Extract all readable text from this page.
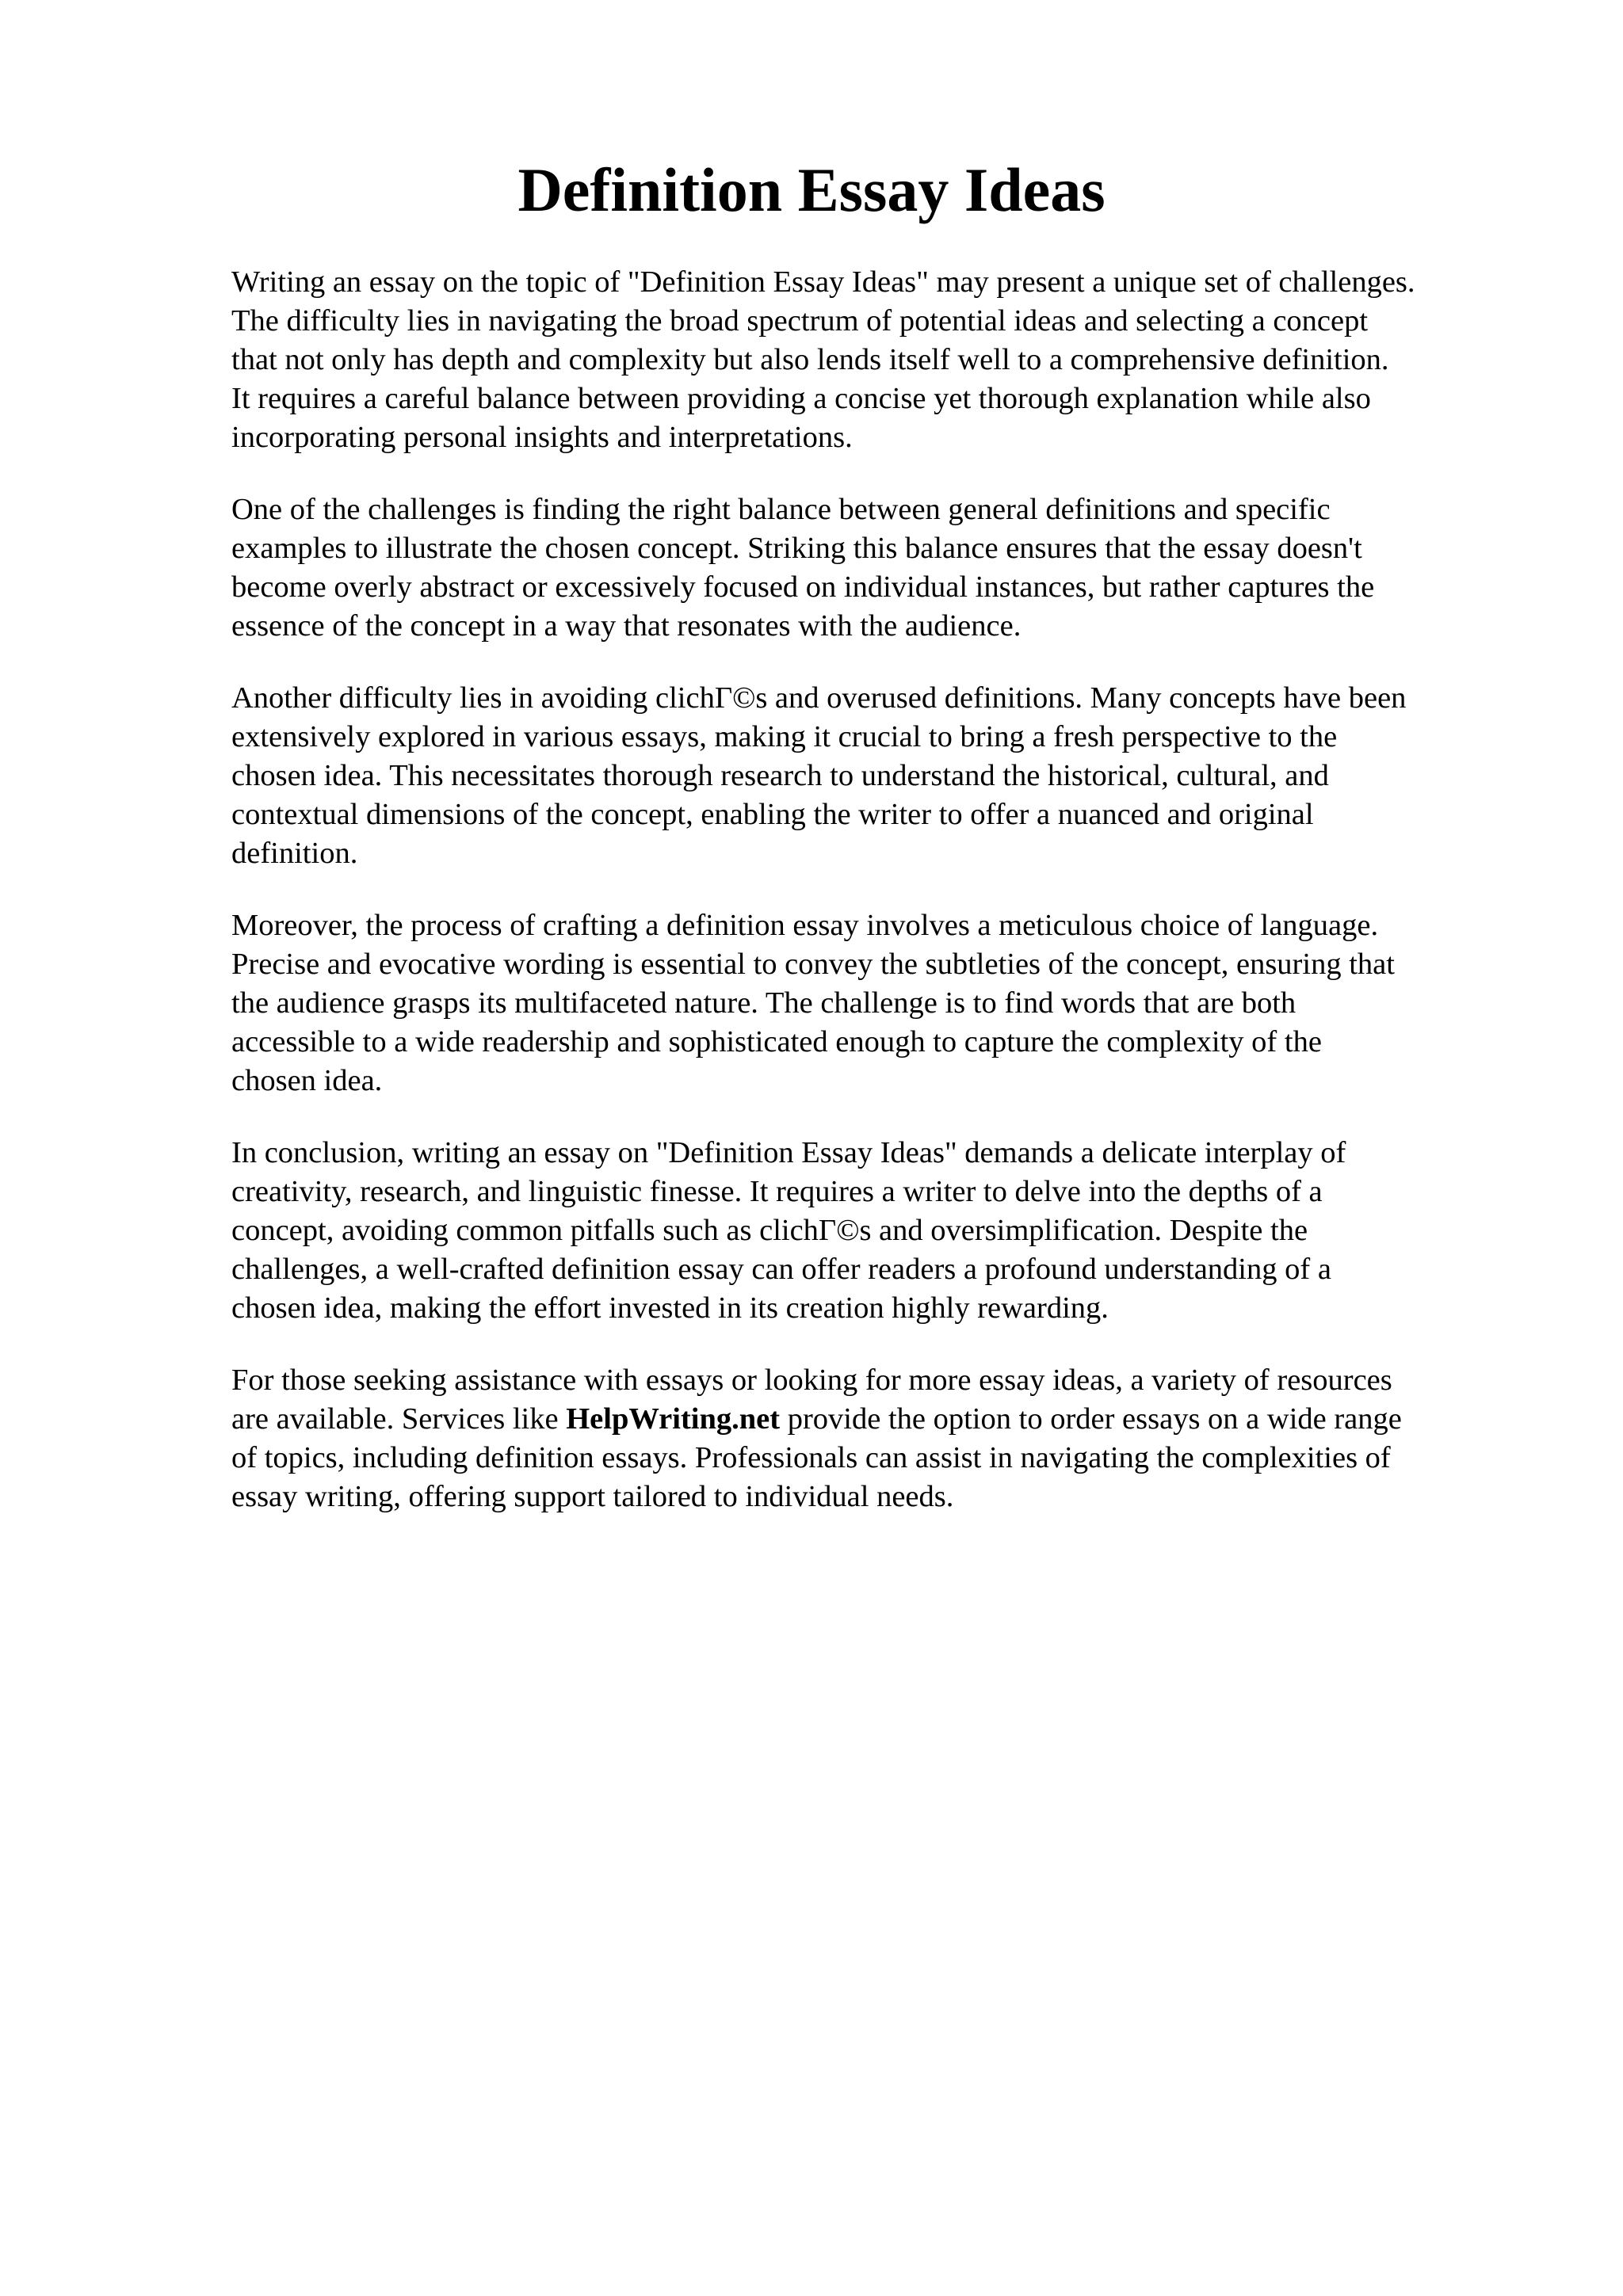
Definition Essay Ideas

Writing an essay on the topic of "Definition Essay Ideas" may present a unique set of challenges.
The difficulty lies in navigating the broad spectrum of potential ideas and selecting a concept
that not only has depth and complexity but also lends itself well to a comprehensive definition.
It requires a careful balance between providing a concise yet thorough explanation while also
incorporating personal insights and interpretations.

One of the challenges is finding the right balance between general definitions and specific
examples to illustrate the chosen concept. Striking this balance ensures that the essay doesn't
become overly abstract or excessively focused on individual instances, but rather captures the
essence of the concept in a way that resonates with the audience.

Another difficulty lies in avoiding clichГ©s and overused definitions. Many concepts have been
extensively explored in various essays, making it crucial to bring a fresh perspective to the
chosen idea. This necessitates thorough research to understand the historical, cultural, and
contextual dimensions of the concept, enabling the writer to offer a nuanced and original
definition.

Moreover, the process of crafting a definition essay involves a meticulous choice of language.
Precise and evocative wording is essential to convey the subtleties of the concept, ensuring that
the audience grasps its multifaceted nature. The challenge is to find words that are both
accessible to a wide readership and sophisticated enough to capture the complexity of the
chosen idea.

In conclusion, writing an essay on "Definition Essay Ideas" demands a delicate interplay of
creativity, research, and linguistic finesse. It requires a writer to delve into the depths of a
concept, avoiding common pitfalls such as clichГ©s and oversimplification. Despite the
challenges, a well-crafted definition essay can offer readers a profound understanding of a
chosen idea, making the effort invested in its creation highly rewarding.

For those seeking assistance with essays or looking for more essay ideas, a variety of resources
are available. Services like HelpWriting.net provide the option to order essays on a wide range
of topics, including definition essays. Professionals can assist in navigating the complexities of
essay writing, offering support tailored to individual needs.
